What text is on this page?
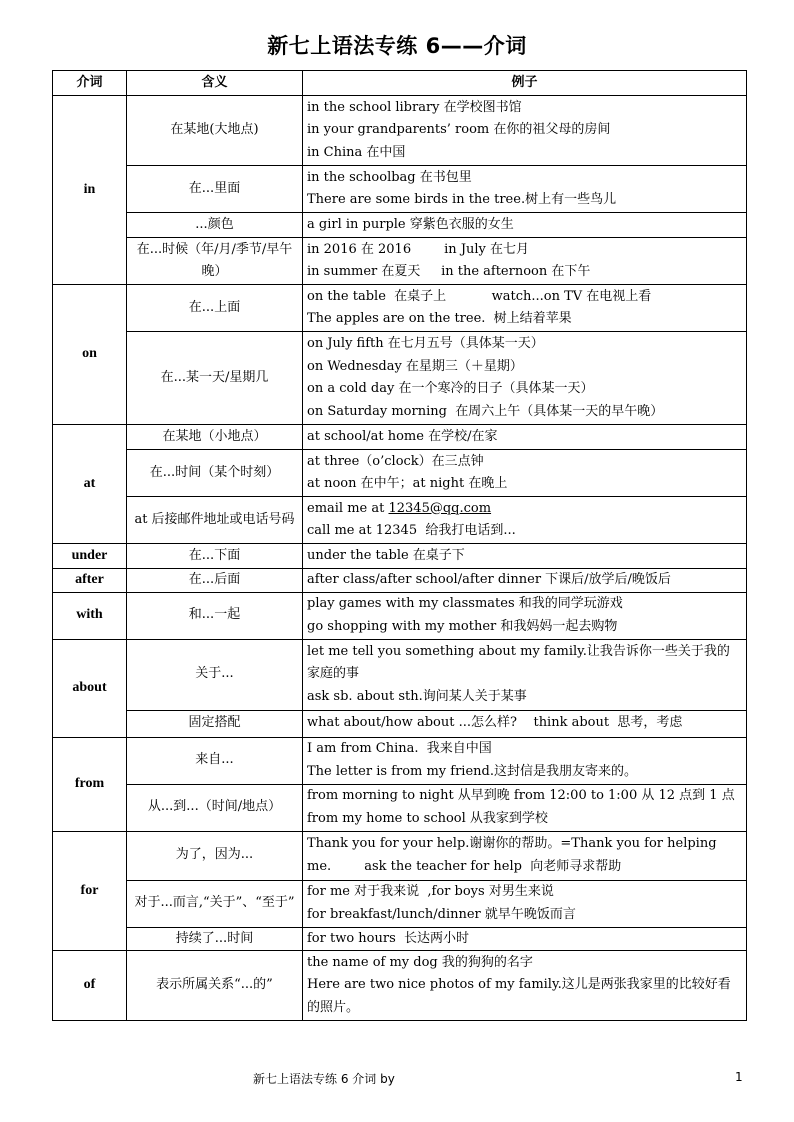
新七上语法专练 6——介词
介词	含义	例子
in	在某地(大地点)	in the school library 在学校图书馆
in your grandparents’ room 在你的祖父母的房间
in China 在中国

	在...里面	in the schoolbag 在书包里
There are some birds in the tree.树上有一些鸟儿

	...颜色	a girl in purple 穿紫色衣服的女生

	在...时候（年/月/季节/早午晚）	in 2016 在 2016        in July 在七月
in summer 在夏天     in the afternoon 在下午

on	在...上面	on the table  在桌子上           watch...on TV 在电视上看
The apples are on the tree.  树上结着苹果

	在...某一天/星期几	on July fifth 在七月五号（具体某一天）
on Wednesday 在星期三（＋星期）
on a cold day 在一个寒冷的日子（具体某一天）
on Saturday morning  在周六上午（具体某一天的早午晚）

at	在某地（小地点）	at school/at home 在学校/在家

	在...时间（某个时刻）	at three（o’clock）在三点钟
at noon 在中午；at night 在晚上

	at 后接邮件地址或电话号码	email me at 12345@qq.com
call me at 12345  给我打电话到...

under	在...下面	under the table 在桌子下

after	在...后面	after class/after school/after dinner 下课后/放学后/晚饭后

with	和...一起	play games with my classmates 和我的同学玩游戏
go shopping with my mother 和我妈妈一起去购物

about	关于...	let me tell you something about my family.让我告诉你一些关于我的家庭的事
ask sb. about sth.询问某人关于某事

	固定搭配	what about/how about ...怎么样?    think about  思考，考虑

from	来自...	I am from China.  我来自中国
The letter is from my friend.这封信是我朋友寄来的。

	从...到...（时间/地点）	from morning to night 从早到晚 from 12:00 to 1:00 从 12 点到 1 点  from my home to school 从我家到学校

for	为了，因为...	Thank you for your help.谢谢你的帮助。=Thank you for helping me.        ask the teacher for help  向老师寻求帮助

	对于...而言,“关于”、“至于”	for me 对于我来说  ,for boys 对男生来说
for breakfast/lunch/dinner 就早午晚饭而言

	持续了...时间	for two hours  长达两小时

of	表示所属关系“...的”	the name of my dog 我的狗狗的名字
Here are two nice photos of my family.这儿是两张我家里的比较好看的照片。
新七上语法专练 6 介词 by	1
